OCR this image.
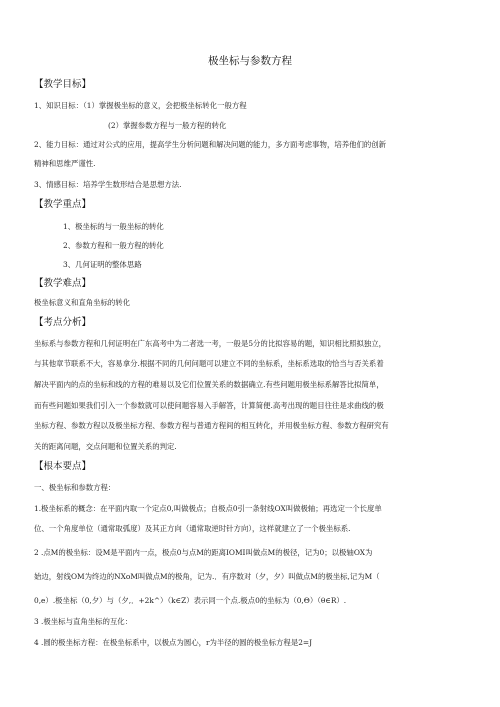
极坐标与参数方程
【教学目标】
1、知识目标：（1）掌握极坐标的意义，会把极坐标转化一般方程
(2）掌握参数方程与一般方程的转化
2、能力目标：通过对公式的应用，提高学生分析问题和解决问题的能力，多方面考虑事物，培养他们的创新
精神和思维严谨性.
3、情感目标：培养学生数形结合是思想方法.
【教学重点】
1、极坐标的与一般坐标的转化
2、参数方程和一般方程的转化
3、几何证明的整体思路
【教学难点】
极坐标意义和直角坐标的转化
【考点分析】
坐标系与参数方程和几何证明在广东高考中为二者选一考，一般是5分的比拟容易的题，知识相比照拟独立，
与其他章节联系不大，容易拿分.根据不同的几何问题可以建立不同的坐标系，坐标系选取的恰当与否关系着
解决平面内的点的坐标和线的方程的难易以及它们位置关系的数据确立.有些问题用极坐标系解答比拟简单，
而有些问题如果我们引入一个参数就可以使问题容易入手解答，计算简便.高考出现的题目往往是求曲线的极
坐标方程、参数方程以及极坐标方程、参数方程与普通方程间的相互转化，并用极坐标方程、参数方程研究有
关的距离问题，交点问题和位置关系的判定.
【根本要点】
一、极坐标和参数方程：
1.极坐标系的概念：在平面内取一个定点0,叫做极点；自极点0引一条射线OX叫做极轴；再选定一个长度单
位、一个角度单位（通常取弧度）及其正方向（通常取逆时针方向），这样就建立了一个极坐标系.
2 .点M的极坐标：设M是平面内一点，极点0与点M的距离IOMI叫做点M的极径，记为0；以极轴OX为
始边，射线OM为终边的NXoM叫做点M的极角，记为.．有序数对（夕，夕）叫做点M的极坐标,记为M（
0,e）.极坐标（0,夕）与（夕,．+2k^）（k∈Z）表示同一个点.极点0的坐标为（0,Θ）（θ∈R）.
3 .极坐标与直角坐标的互化：
4 .圆的极坐标方程：在极坐标系中，以极点为圆心，r为半径的圆的极坐标方程是2=J
